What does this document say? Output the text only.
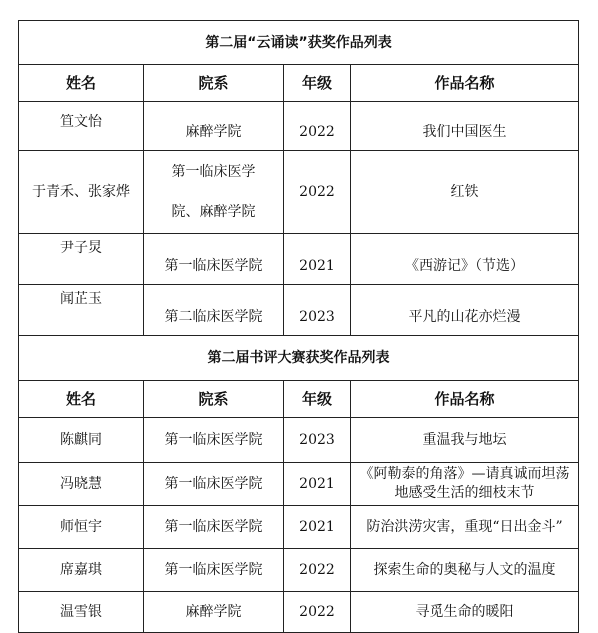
第二届“云诵读”获奖作品列表			
姓名	院系	年级	作品名称
笪文怡	麻醉学院	2022	我们中国医生
于青禾、张家烨	第一临床医学院、麻醉学院	2022	红铁
尹子炅	第一临床医学院	2021	《西游记》（节选）
闻芷玉	第二临床医学院	2023	平凡的山花亦烂漫
第二届书评大赛获奖作品列表			
姓名	院系	年级	作品名称
陈麒同	第一临床医学院	2023	重温我与地坛
冯晓慧	第一临床医学院	2021	《阿勒泰的角落》—请真诚而坦荡地感受生活的细枝末节
师恒宇	第一临床医学院	2021	防治洪涝灾害，重现“日出金斗”
席嘉琪	第一临床医学院	2022	探索生命的奥秘与人文的温度
温雪银	麻醉学院	2022	寻觅生命的暖阳
